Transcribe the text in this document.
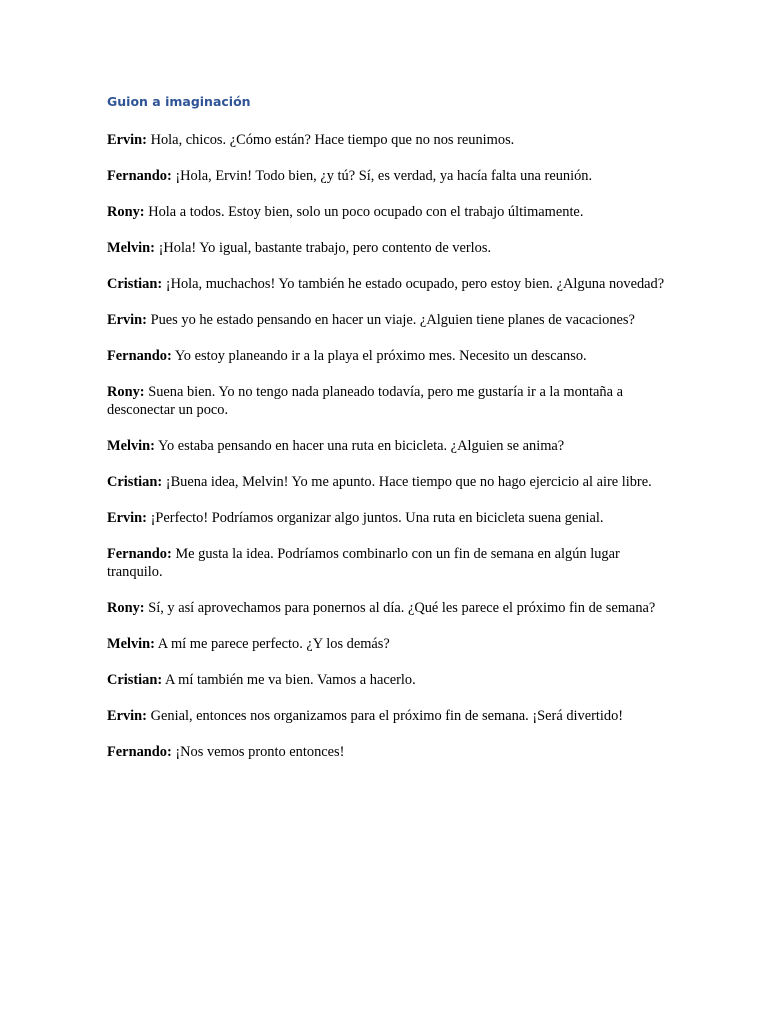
Guion a imaginación

Ervin: Hola, chicos. ¿Cómo están? Hace tiempo que no nos reunimos.

Fernando: ¡Hola, Ervin! Todo bien, ¿y tú? Sí, es verdad, ya hacía falta una reunión.

Rony: Hola a todos. Estoy bien, solo un poco ocupado con el trabajo últimamente.

Melvin: ¡Hola! Yo igual, bastante trabajo, pero contento de verlos.

Cristian: ¡Hola, muchachos! Yo también he estado ocupado, pero estoy bien. ¿Alguna novedad?

Ervin: Pues yo he estado pensando en hacer un viaje. ¿Alguien tiene planes de vacaciones?

Fernando: Yo estoy planeando ir a la playa el próximo mes. Necesito un descanso.

Rony: Suena bien. Yo no tengo nada planeado todavía, pero me gustaría ir a la montaña a desconectar un poco.

Melvin: Yo estaba pensando en hacer una ruta en bicicleta. ¿Alguien se anima?

Cristian: ¡Buena idea, Melvin! Yo me apunto. Hace tiempo que no hago ejercicio al aire libre.

Ervin: ¡Perfecto! Podríamos organizar algo juntos. Una ruta en bicicleta suena genial.

Fernando: Me gusta la idea. Podríamos combinarlo con un fin de semana en algún lugar tranquilo.

Rony: Sí, y así aprovechamos para ponernos al día. ¿Qué les parece el próximo fin de semana?

Melvin: A mí me parece perfecto. ¿Y los demás?

Cristian: A mí también me va bien. Vamos a hacerlo.

Ervin: Genial, entonces nos organizamos para el próximo fin de semana. ¡Será divertido!

Fernando: ¡Nos vemos pronto entonces!
